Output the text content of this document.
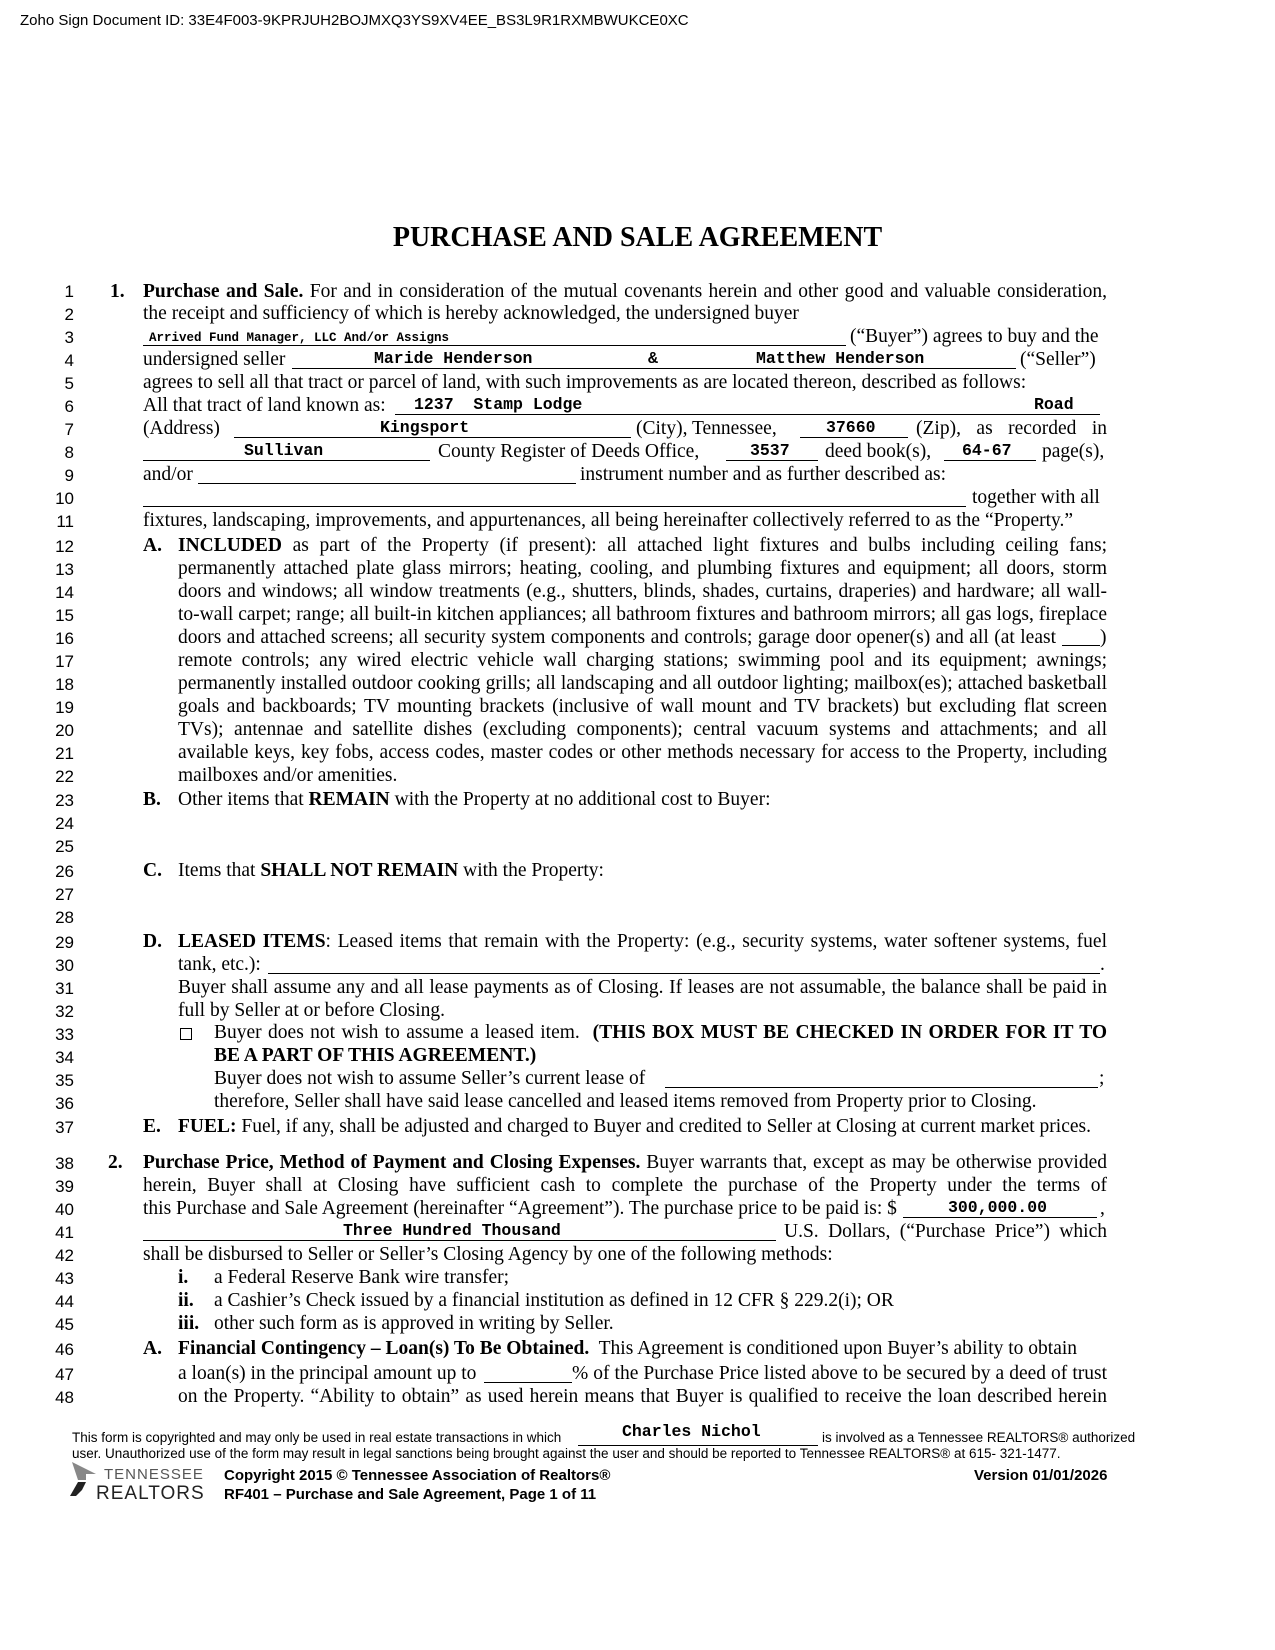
Zoho Sign Document ID: 33E4F003-9KPRJUH2BOJMXQ3YS9XV4EE_BS3L9R1RXMBWUKCE0XC
PURCHASE AND SALE AGREEMENT
1
2
3
4
5
6
7
8
9
10
11
12
13
14
15
16
17
18
19
20
21
22
23
24
25
26
27
28
29
30
31
32
33
34
35
36
37
38
39
40
41
42
43
44
45
46
47
48
1. Purchase and Sale. For and in consideration of the mutual covenants herein and other good and valuable consideration,
the receipt and sufficiency of which is hereby acknowledged, the undersigned buyer
Arrived Fund Manager, LLC And/or Assigns	(“Buyer”) agrees to buy and the
undersigned seller	Maride Henderson	&	Matthew Henderson	(“Seller”)
agrees to sell all that tract or parcel of land, with such improvements as are located thereon, described as follows:
All that tract of land known as: 1237  Stamp Lodge	Road
(Address)	Kingsport	(City), Tennessee,	37660 (Zip), as recorded in
Sullivan	County Register of Deeds Office,	3537 deed book(s), 64-67 page(s),
and/or	instrument number and as further described as:
together with all
fixtures, landscaping, improvements, and appurtenances, all being hereinafter collectively referred to as the “Property.”
A. INCLUDED as part of the Property (if present): all attached light fixtures and bulbs including ceiling fans;
permanently attached plate glass mirrors; heating, cooling, and plumbing fixtures and equipment; all doors, storm
doors and windows; all window treatments (e.g., shutters, blinds, shades, curtains, draperies) and hardware; all wall-
to-wall carpet; range; all built-in kitchen appliances; all bathroom fixtures and bathroom mirrors; all gas logs, fireplace
doors and attached screens; all security system components and controls; garage door opener(s) and all (at least )
remote controls; any wired electric vehicle wall charging stations; swimming pool and its equipment; awnings;
permanently installed outdoor cooking grills; all landscaping and all outdoor lighting; mailbox(es); attached basketball
goals and backboards; TV mounting brackets (inclusive of wall mount and TV brackets) but excluding flat screen
TVs); antennae and satellite dishes (excluding components); central vacuum systems and attachments; and all
available keys, key fobs, access codes, master codes or other methods necessary for access to the Property, including
mailboxes and/or amenities.
B. Other items that REMAIN with the Property at no additional cost to Buyer:
C. Items that SHALL NOT REMAIN with the Property:
D. LEASED ITEMS: Leased items that remain with the Property: (e.g., security systems, water softener systems, fuel
tank, etc.):	.
Buyer shall assume any and all lease payments as of Closing. If leases are not assumable, the balance shall be paid in
full by Seller at or before Closing.
Buyer does not wish to assume a leased item. (THIS BOX MUST BE CHECKED IN ORDER FOR IT TO
BE A PART OF THIS AGREEMENT.)
Buyer does not wish to assume Seller’s current lease of	;
therefore, Seller shall have said lease cancelled and leased items removed from Property prior to Closing.
E. FUEL: Fuel, if any, shall be adjusted and charged to Buyer and credited to Seller at Closing at current market prices.
2. Purchase Price, Method of Payment and Closing Expenses. Buyer warrants that, except as may be otherwise provided
herein, Buyer shall at Closing have sufficient cash to complete the purchase of the Property under the terms of
this Purchase and Sale Agreement (hereinafter “Agreement”). The purchase price to be paid is: $	300,000.00	,
Three Hundred Thousand	U.S. Dollars, (“Purchase Price”) which
shall be disbursed to Seller or Seller’s Closing Agency by one of the following methods:
i. a Federal Reserve Bank wire transfer;
ii. a Cashier’s Check issued by a financial institution as defined in 12 CFR § 229.2(i); OR
iii. other such form as is approved in writing by Seller.
A. Financial Contingency – Loan(s) To Be Obtained. This Agreement is conditioned upon Buyer’s ability to obtain
a loan(s) in the principal amount up to	% of the Purchase Price listed above to be secured by a deed of trust
on the Property. “Ability to obtain” as used herein means that Buyer is qualified to receive the loan described herein
This form is copyrighted and may only be used in real estate transactions in which	Charles Nichol	is involved as a Tennessee REALTORS® authorized
user. Unauthorized use of the form may result in legal sanctions being brought against the user and should be reported to Tennessee REALTORS® at 615- 321-1477.
TENNESSEE
REALTORS
Copyright 2015 © Tennessee Association of Realtors®
RF401 – Purchase and Sale Agreement, Page 1 of 11
Version 01/01/2026
